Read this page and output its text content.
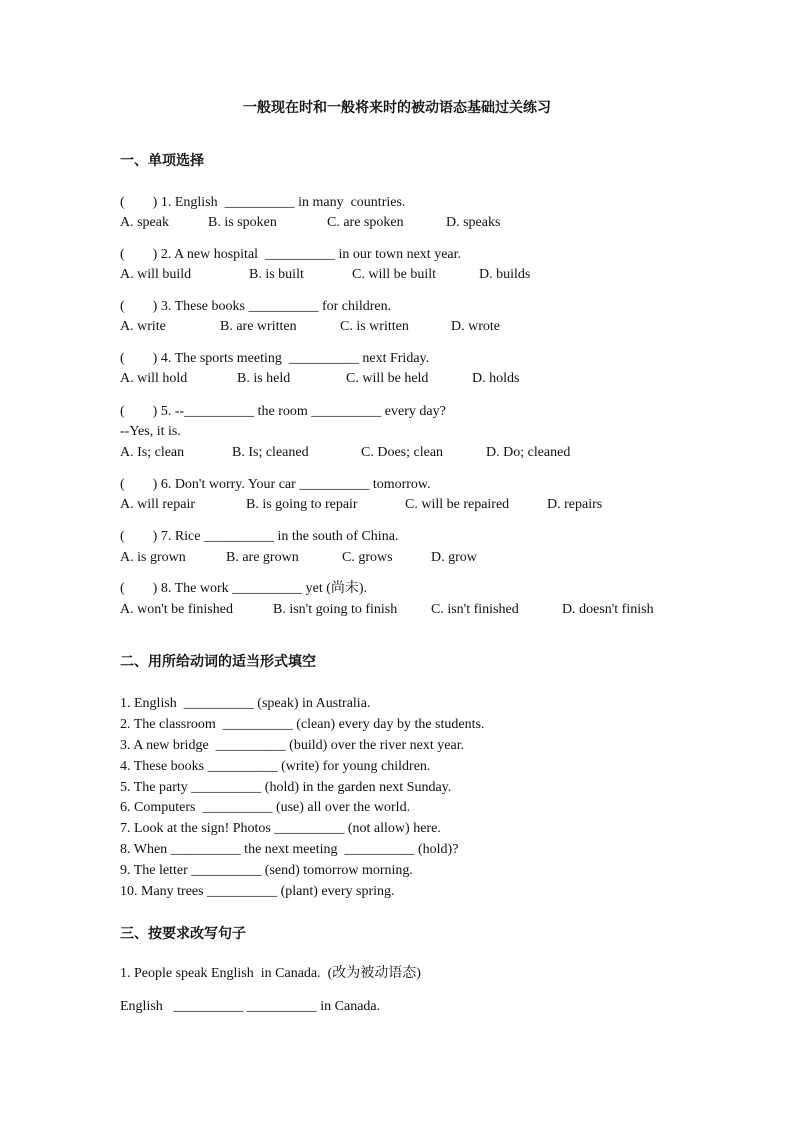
一般现在时和一般将来时的被动语态基础过关练习
一、单项选择
(　　) 1. English  __________ in many  countries.
A. speak	B. is spoken	C. are spoken	D. speaks
(　　) 2. A new hospital  __________ in our town next year.
A. will build	B. is built	C. will be built	D. builds
(　　) 3. These books __________ for children.
A. write	B. are written	C. is written	D. wrote
(　　) 4. The sports meeting  __________ next Friday.
A. will hold	B. is held	C. will be held	D. holds
(　　) 5. --__________ the room __________ every day?
--Yes, it is.
A. Is; clean	B. Is; cleaned	C. Does; clean	D. Do; cleaned
(　　) 6. Don't worry. Your car __________ tomorrow.
A. will repair	B. is going to repair	C. will be repaired	D. repairs
(　　) 7. Rice __________ in the south of China.
A. is grown	B. are grown	C. grows	D. grow
(　　) 8. The work __________ yet (尚未).
A. won't be finished	B. isn't going to finish C. isn't finished	D. doesn't finish
二、用所给动词的适当形式填空
1. English  __________ (speak) in Australia.
2. The classroom  __________ (clean) every day by the students.
3. A new bridge  __________ (build) over the river next year.
4. These books __________ (write) for young children.
5. The party __________ (hold) in the garden next Sunday.
6. Computers  __________ (use) all over the world.
7. Look at the sign! Photos __________ (not allow) here.
8. When __________ the next meeting  __________ (hold)?
9. The letter __________ (send) tomorrow morning.
10. Many trees __________ (plant) every spring.
三、按要求改写句子
1. People speak English  in Canada.  (改为被动语态)
English   __________ __________ in Canada.
